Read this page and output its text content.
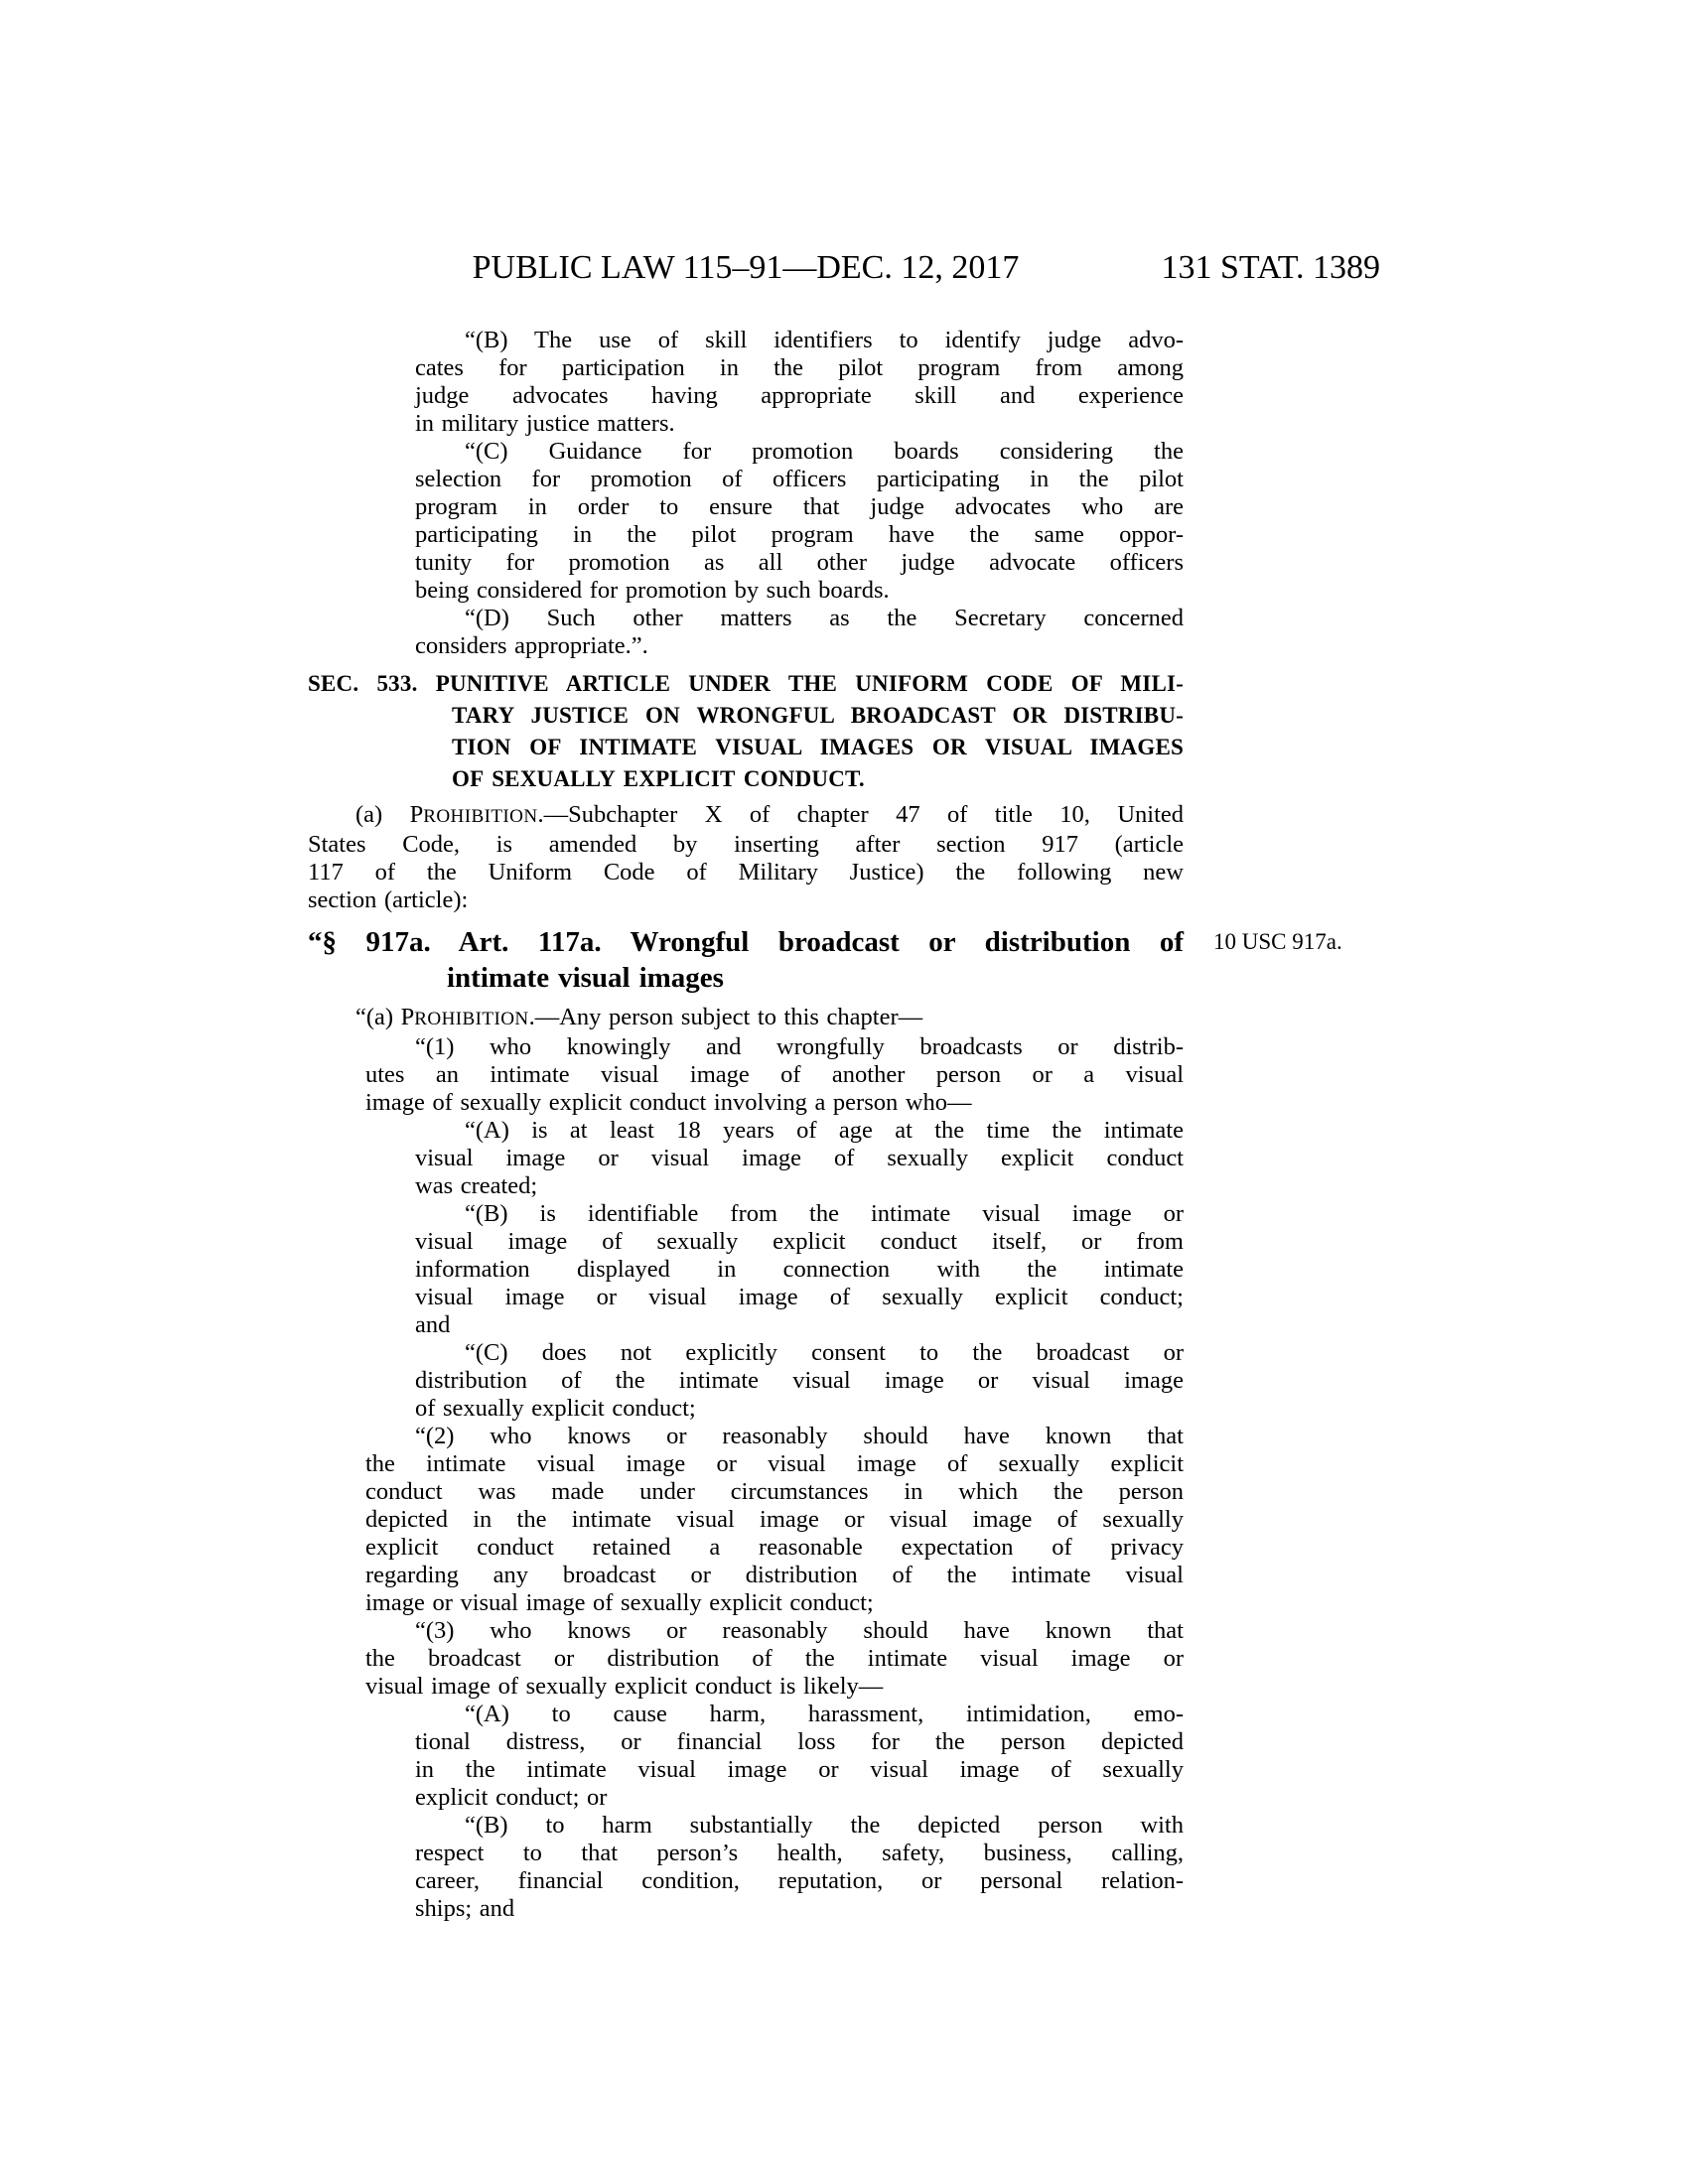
PUBLIC LAW 115–91—DEC. 12, 2017	131 STAT. 1389
“(B) The use of skill identifiers to identify judge advo-
cates for participation in the pilot program from among
judge advocates having appropriate skill and experience
in military justice matters.
“(C) Guidance for promotion boards considering the
selection for promotion of officers participating in the pilot
program in order to ensure that judge advocates who are
participating in the pilot program have the same oppor-
tunity for promotion as all other judge advocate officers
being considered for promotion by such boards.
“(D) Such other matters as the Secretary concerned
considers appropriate.”.
SEC. 533. PUNITIVE ARTICLE UNDER THE UNIFORM CODE OF MILI-
TARY JUSTICE ON WRONGFUL BROADCAST OR DISTRIBU-
TION OF INTIMATE VISUAL IMAGES OR VISUAL IMAGES
OF SEXUALLY EXPLICIT CONDUCT.
(a) PROHIBITION.—Subchapter X of chapter 47 of title 10, United
States Code, is amended by inserting after section 917 (article
117 of the Uniform Code of Military Justice) the following new
section (article):
“§ 917a. Art. 117a. Wrongful broadcast or distribution of
intimate visual images
10 USC 917a.
“(a) PROHIBITION.—Any person subject to this chapter—
“(1) who knowingly and wrongfully broadcasts or distrib-
utes an intimate visual image of another person or a visual
image of sexually explicit conduct involving a person who—
“(A) is at least 18 years of age at the time the intimate
visual image or visual image of sexually explicit conduct
was created;
“(B) is identifiable from the intimate visual image or
visual image of sexually explicit conduct itself, or from
information displayed in connection with the intimate
visual image or visual image of sexually explicit conduct;
and
“(C) does not explicitly consent to the broadcast or
distribution of the intimate visual image or visual image
of sexually explicit conduct;
“(2) who knows or reasonably should have known that
the intimate visual image or visual image of sexually explicit
conduct was made under circumstances in which the person
depicted in the intimate visual image or visual image of sexually
explicit conduct retained a reasonable expectation of privacy
regarding any broadcast or distribution of the intimate visual
image or visual image of sexually explicit conduct;
“(3) who knows or reasonably should have known that
the broadcast or distribution of the intimate visual image or
visual image of sexually explicit conduct is likely—
“(A) to cause harm, harassment, intimidation, emo-
tional distress, or financial loss for the person depicted
in the intimate visual image or visual image of sexually
explicit conduct; or
“(B) to harm substantially the depicted person with
respect to that person’s health, safety, business, calling,
career, financial condition, reputation, or personal relation-
ships; and
